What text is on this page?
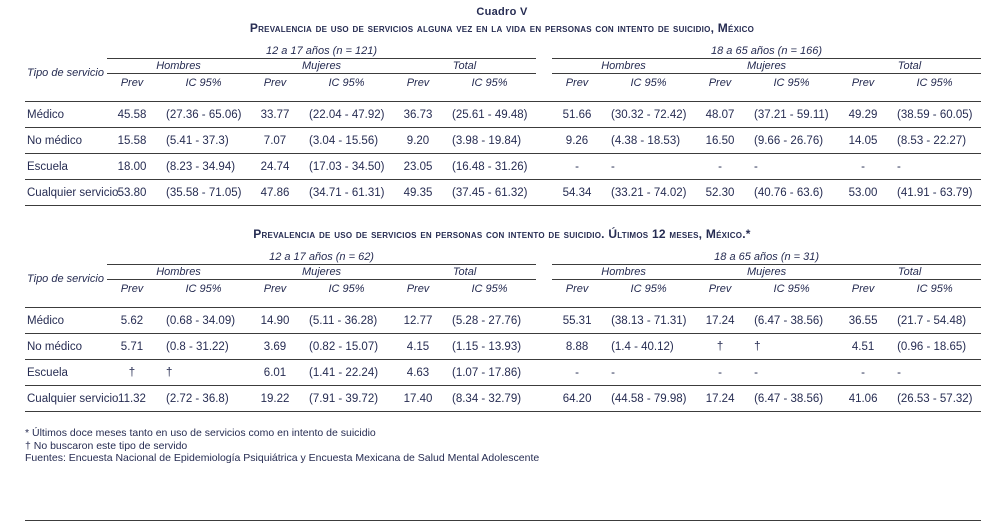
Cuadro V
Prevalencia de uso de servicios alguna vez en la vida en personas con intento de suicidio, México
Tipo de servicio	12 a 17 años (n = 121)							18 a 65 años (n = 166)					
	Hombres		Mujeres		Total			Hombres		Mujeres		Total	
	Prev	IC 95%	Prev	IC 95%	Prev	IC 95%		Prev	IC 95%	Prev	IC 95%	Prev	IC 95%
Médico	45.58	(27.36 - 65.06)	33.77	(22.04 - 47.92)	36.73	(25.61 - 49.48)		51.66	(30.32 - 72.42)	48.07	(37.21 - 59.11)	49.29	(38.59 - 60.05)
No médico	15.58	(5.41 - 37.3)	7.07	(3.04 - 15.56)	9.20	(3.98 - 19.84)		9.26	(4.38 - 18.53)	16.50	(9.66 - 26.76)	14.05	(8.53 - 22.27)
Escuela	18.00	(8.23 - 34.94)	24.74	(17.03 - 34.50)	23.05	(16.48 - 31.26)		-	-	-	-	-	-
Cualquier servicio	53.80	(35.58 - 71.05)	47.86	(34.71 - 61.31)	49.35	(37.45 - 61.32)		54.34	(33.21 - 74.02)	52.30	(40.76 - 63.6)	53.00	(41.91 - 63.79)
Prevalencia de uso de servicios en personas con intento de suicidio. Últimos 12 meses, México.*
Tipo de servicio	12 a 17 años (n = 62)							18 a 65 años (n = 31)					
	Hombres		Mujeres		Total			Hombres		Mujeres		Total	
	Prev	IC 95%	Prev	IC 95%	Prev	IC 95%		Prev	IC 95%	Prev	IC 95%	Prev	IC 95%
Médico	5.62	(0.68 - 34.09)	14.90	(5.11 - 36.28)	12.77	(5.28 - 27.76)		55.31	(38.13 - 71.31)	17.24	(6.47 - 38.56)	36.55	(21.7 - 54.48)
No médico	5.71	(0.8 - 31.22)	3.69	(0.82 - 15.07)	4.15	(1.15 - 13.93)		8.88	(1.4 - 40.12)	†	†	4.51	(0.96 - 18.65)
Escuela	†	†	6.01	(1.41 - 22.24)	4.63	(1.07 - 17.86)		-	-	-	-	-	-
Cualquier servicio	11.32	(2.72 - 36.8)	19.22	(7.91 - 39.72)	17.40	(8.34 - 32.79)		64.20	(44.58 - 79.98)	17.24	(6.47 - 38.56)	41.06	(26.53 - 57.32)
* Últimos doce meses tanto en uso de servicios como en intento de suicidio
† No buscaron este tipo de servido
Fuentes: Encuesta Nacional de Epidemiología Psiquiátrica y Encuesta Mexicana de Salud Mental Adolescente
